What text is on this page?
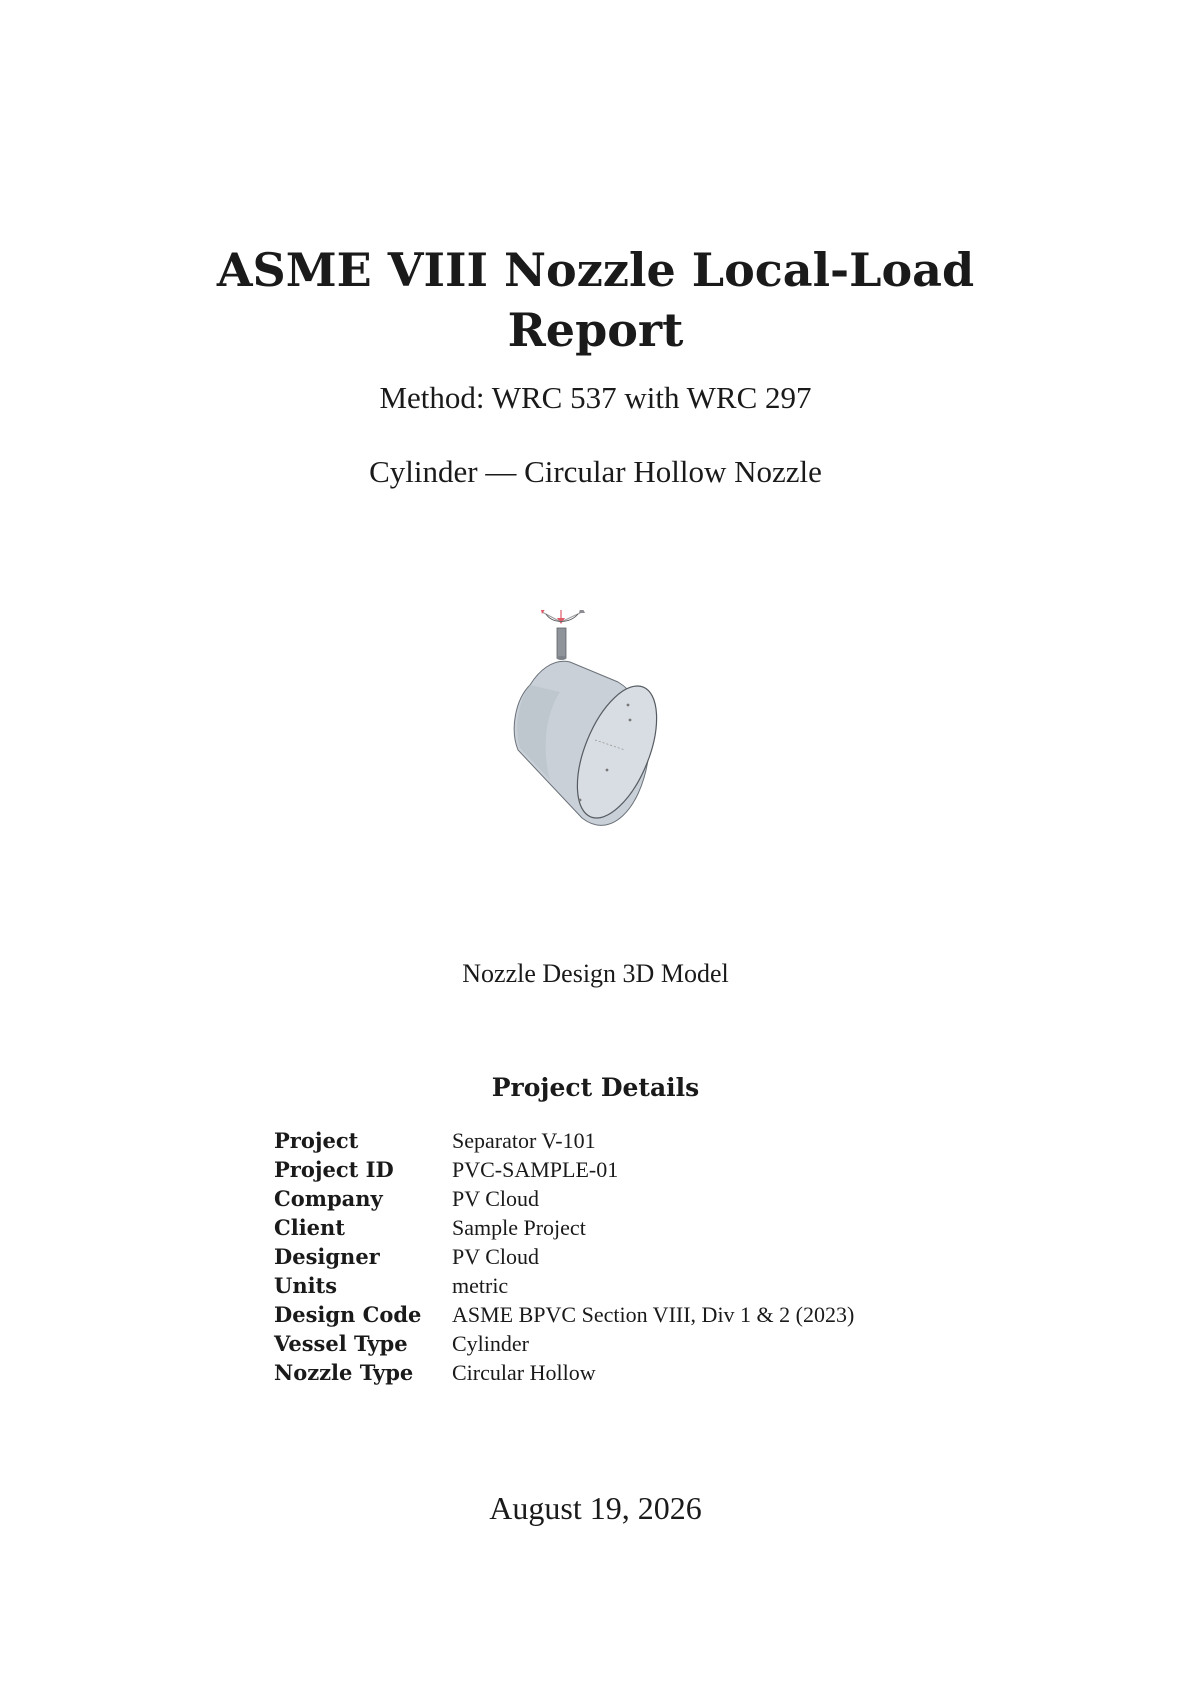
ASME VIII Nozzle Local-Load Report

Method: WRC 537 with WRC 297

Cylinder — Circular Hollow Nozzle

Nozzle Design 3D Model
Project Details
Project	Separator V-101
Project ID	PVC-SAMPLE-01
Company	PV Cloud
Client	Sample Project
Designer	PV Cloud
Units	metric
Design Code	ASME BPVC Section VIII, Div 1 & 2 (2023)
Vessel Type	Cylinder
Nozzle Type	Circular Hollow
August 19, 2026
